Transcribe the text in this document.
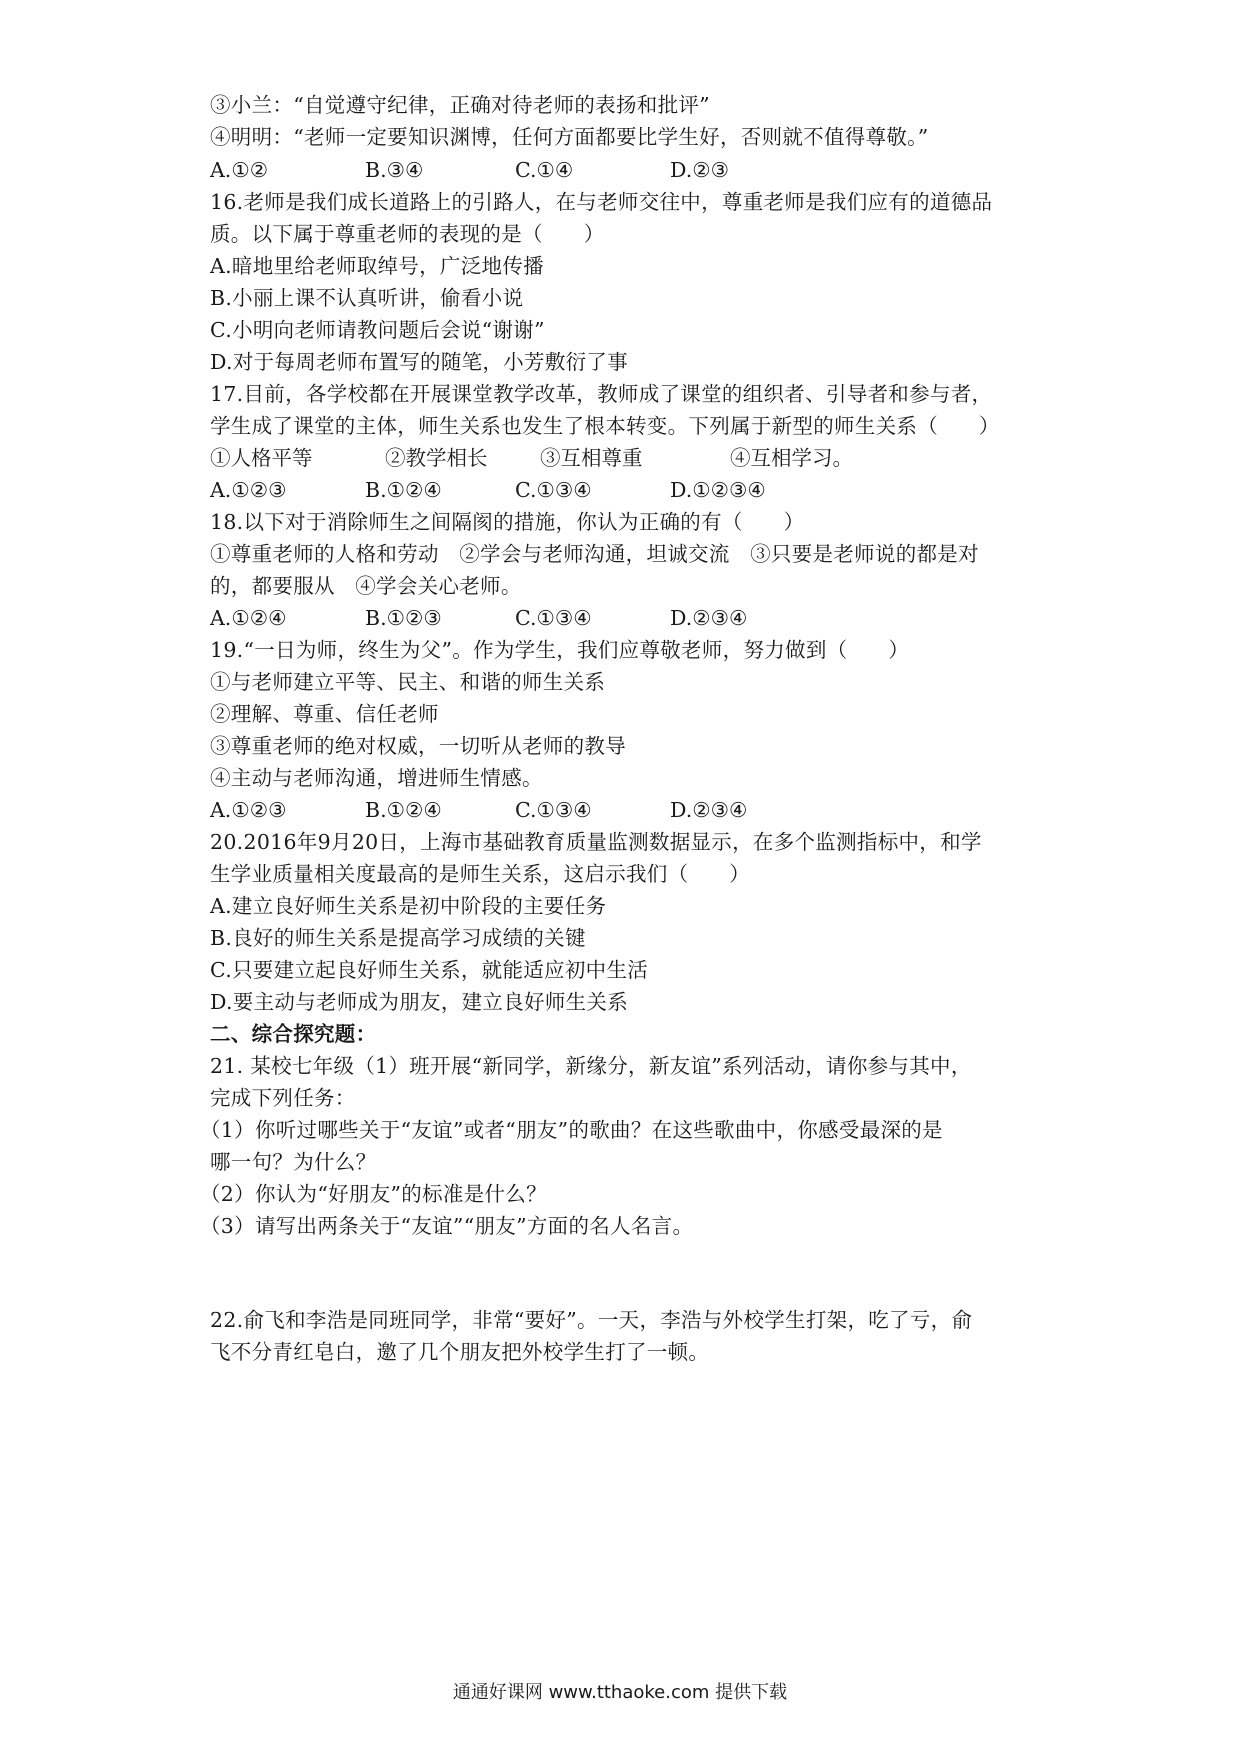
③小兰：“自觉遵守纪律，正确对待老师的表扬和批评”
④明明：“老师一定要知识渊博，任何方面都要比学生好，否则就不值得尊敬。”

A.①②

	B.③④

	C.①④

	D.②③

16.老师是我们成长道路上的引路人，在与老师交往中，尊重老师是我们应有的道德品
质。以下属于尊重老师的表现的是（      ）
A.暗地里给老师取绰号，广泛地传播
B.小丽上课不认真听讲，偷看小说
C.小明向老师请教问题后会说“谢谢”
D.对于每周老师布置写的随笔，小芳敷衍了事
17.目前，各学校都在开展课堂教学改革，教师成了课堂的组织者、引导者和参与者，
学生成了课堂的主体，师生关系也发生了根本转变。下列属于新型的师生关系（      ）

①人格平等

	②教学相长

	③互相尊重

	④互相学习。

A.①②③

	B.①②④

	C.①③④

	D.①②③④

18.以下对于消除师生之间隔阂的措施，你认为正确的有（      ）
①尊重老师的人格和劳动   ②学会与老师沟通，坦诚交流   ③只要是老师说的都是对
的，都要服从   ④学会关心老师。

A.①②④

	B.①②③

	C.①③④

	D.②③④

19.“一日为师，终生为父”。作为学生，我们应尊敬老师，努力做到（      ）
①与老师建立平等、民主、和谐的师生关系
②理解、尊重、信任老师
③尊重老师的绝对权威，一切听从老师的教导
④主动与老师沟通，增进师生情感。

A.①②③

	B.①②④

	C.①③④

	D.②③④

20.2016年9月20日，上海市基础教育质量监测数据显示，在多个监测指标中，和学
生学业质量相关度最高的是师生关系，这启示我们（      ）
A.建立良好师生关系是初中阶段的主要任务
B.良好的师生关系是提高学习成绩的关键
C.只要建立起良好师生关系，就能适应初中生活
D.要主动与老师成为朋友，建立良好师生关系
二、综合探究题：
21. 某校七年级（1）班开展“新同学，新缘分，新友谊”系列活动，请你参与其中，
完成下列任务：
（1）你听过哪些关于“友谊”或者“朋友”的歌曲？在这些歌曲中，你感受最深的是
哪一句？为什么？
（2）你认为“好朋友”的标准是什么？
（3）请写出两条关于“友谊”“朋友”方面的名人名言。
22.俞飞和李浩是同班同学，非常“要好”。一天，李浩与外校学生打架，吃了亏，俞
飞不分青红皂白，邀了几个朋友把外校学生打了一顿。
通通好课网 www.tthaoke.com 提供下载
